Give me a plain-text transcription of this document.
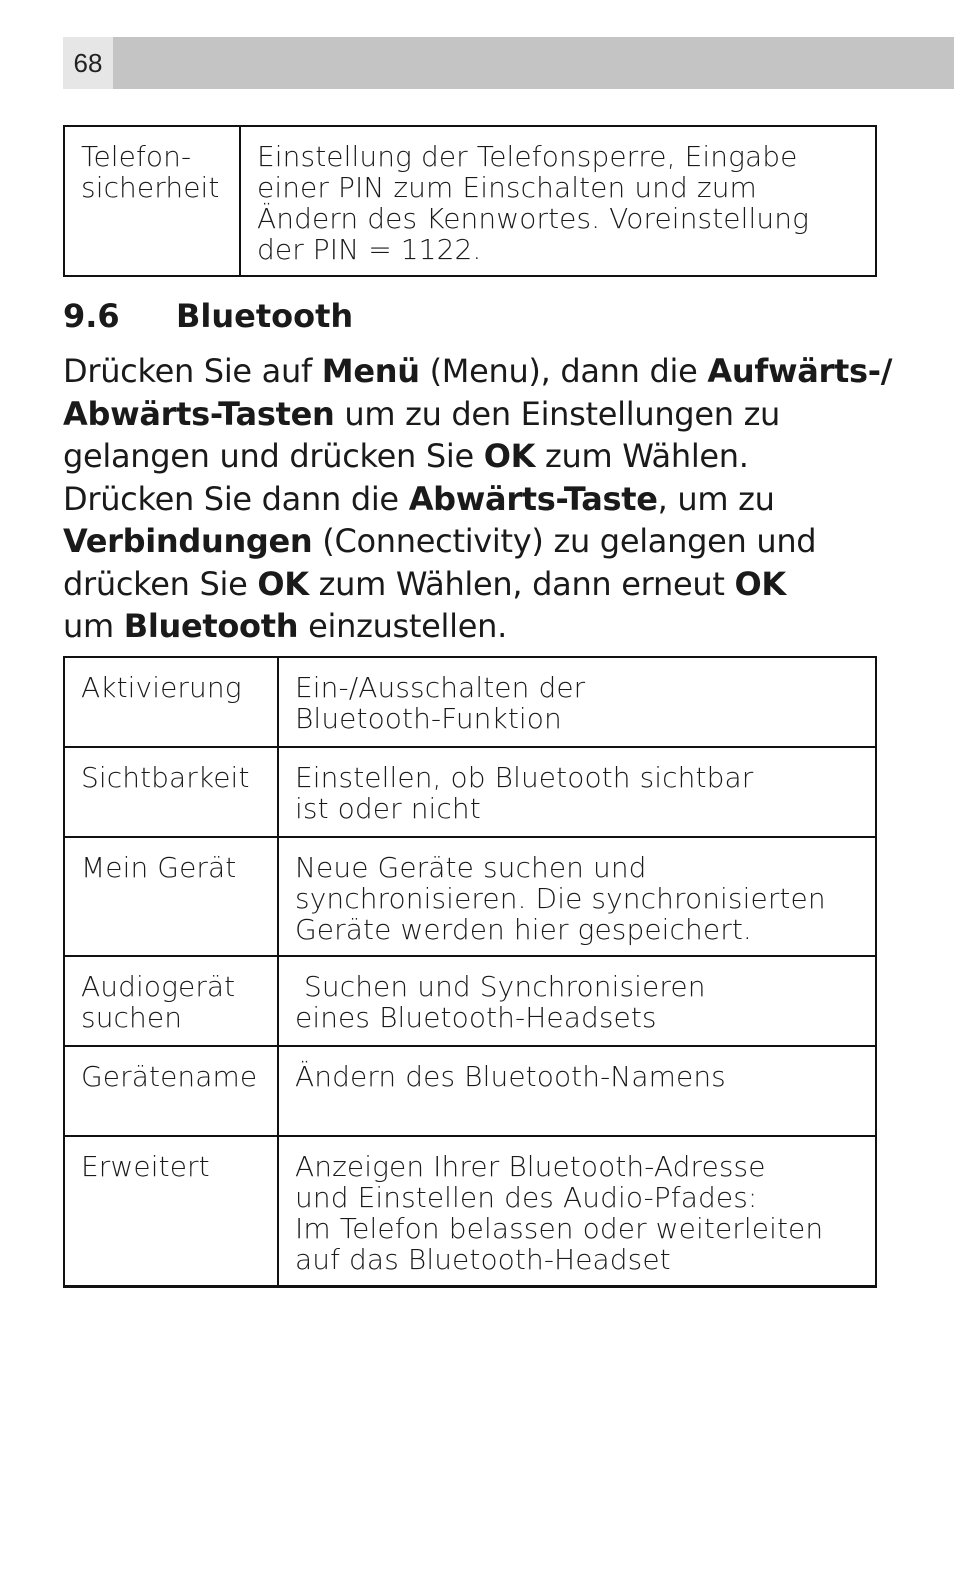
68
Telefon-
sicherheit	Einstellung der Telefonsperre, Eingabe
einer PIN zum Einschalten und zum
Ändern des Kennwortes. Voreinstellung
der PIN = 1122.
9.6 Bluetooth
Drücken Sie auf Menü (Menu), dann die Aufwärts-/
Abwärts-Tasten um zu den Einstellungen zu
gelangen und drücken Sie OK zum Wählen.
Drücken Sie dann die Abwärts-Taste, um zu
Verbindungen (Connectivity) zu gelangen und
drücken Sie OK zum Wählen, dann erneut OK
um Bluetooth einzustellen.
Aktivierung	Ein-/Ausschalten der
Bluetooth-Funktion
Sichtbarkeit	Einstellen, ob Bluetooth sichtbar
ist oder nicht
Mein Gerät	Neue Geräte suchen und
synchronisieren. Die synchronisierten
Geräte werden hier gespeichert.
Audiogerät
suchen	Suchen und Synchronisieren
eines Bluetooth-Headsets
Gerätename	Ändern des Bluetooth-Namens
Erweitert	Anzeigen Ihrer Bluetooth-Adresse
und Einstellen des Audio-Pfades:
Im Telefon belassen oder weiterleiten
auf das Bluetooth-Headset
